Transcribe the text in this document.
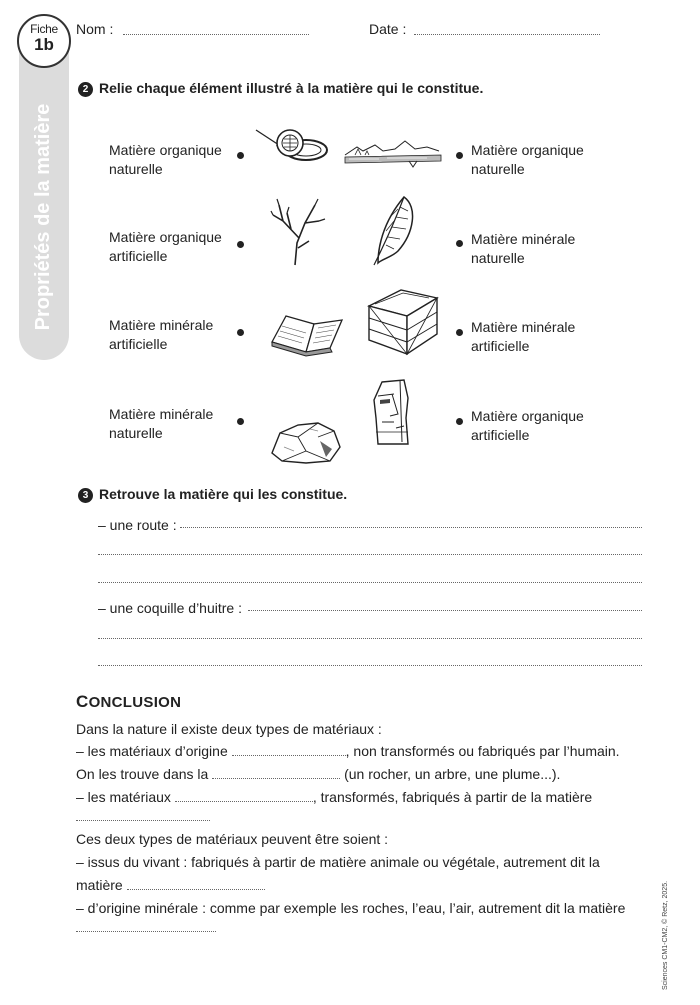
Propriétés de la matière
Fiche
1b
Nom :	Date :
2 Relie chaque élément illustré à la matière qui le constitue.
Matière organique
naturelle
Matière organique
artificielle
Matière minérale
artificielle
Matière minérale
naturelle
Matière organique
naturelle
Matière minérale
naturelle
Matière minérale
artificielle
Matière organique
artificielle
3 Retrouve la matière qui les constitue.
– une route :
– une coquille d’huitre :
CONCLUSION
Dans la nature il existe deux types de matériaux :
– les matériaux d’origine	, non transformés ou fabriqués par l’humain.
On les trouve dans la	(un rocher, un arbre, une plume...).
– les matériaux	, transformés, fabriqués à partir de la matière
Ces deux types de matériaux peuvent être soient :
– issus du vivant : fabriqués à partir de matière animale ou végétale, autrement dit la
matière
– d’origine minérale : comme par exemple les roches, l’eau, l’air, autrement dit la matière	Sciences CM1-CM2, © Retz, 2025.
